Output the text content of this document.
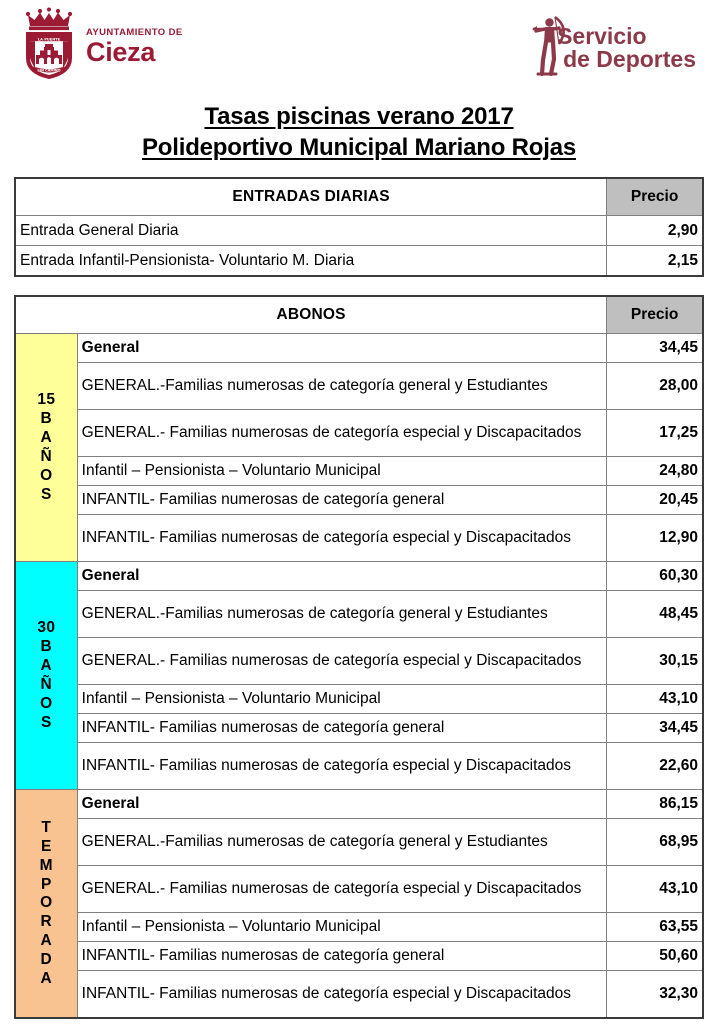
LA PUENTE
SIN CAMINO
AYUNTAMIENTO DE
Cieza
Servicio
de Deportes
Tasas piscinas verano 2017
Polideportivo Municipal Mariano Rojas
ENTRADAS DIARIAS	Precio
Entrada General Diaria	2,90
Entrada Infantil-Pensionista- Voluntario M. Diaria	2,15
ABONOS		Precio
15
B
A
Ñ
O
S	General	34,45
	GENERAL.-Familias numerosas de categoría general y Estudiantes	28,00
	GENERAL.- Familias numerosas de categoría especial y Discapacitados	17,25
	Infantil – Pensionista – Voluntario Municipal	24,80
	INFANTIL- Familias numerosas de categoría general	20,45
	INFANTIL- Familias numerosas de categoría especial y Discapacitados	12,90
30
B
A
Ñ
O
S	General	60,30
	GENERAL.-Familias numerosas de categoría general y Estudiantes	48,45
	GENERAL.- Familias numerosas de categoría especial y Discapacitados	30,15
	Infantil – Pensionista – Voluntario Municipal	43,10
	INFANTIL- Familias numerosas de categoría general	34,45
	INFANTIL- Familias numerosas de categoría especial y Discapacitados	22,60
T
E
M
P
O
R
A
D
A	General	86,15
	GENERAL.-Familias numerosas de categoría general y Estudiantes	68,95
	GENERAL.- Familias numerosas de categoría especial y Discapacitados	43,10
	Infantil – Pensionista – Voluntario Municipal	63,55
	INFANTIL- Familias numerosas de categoría general	50,60
	INFANTIL- Familias numerosas de categoría especial y Discapacitados	32,30
